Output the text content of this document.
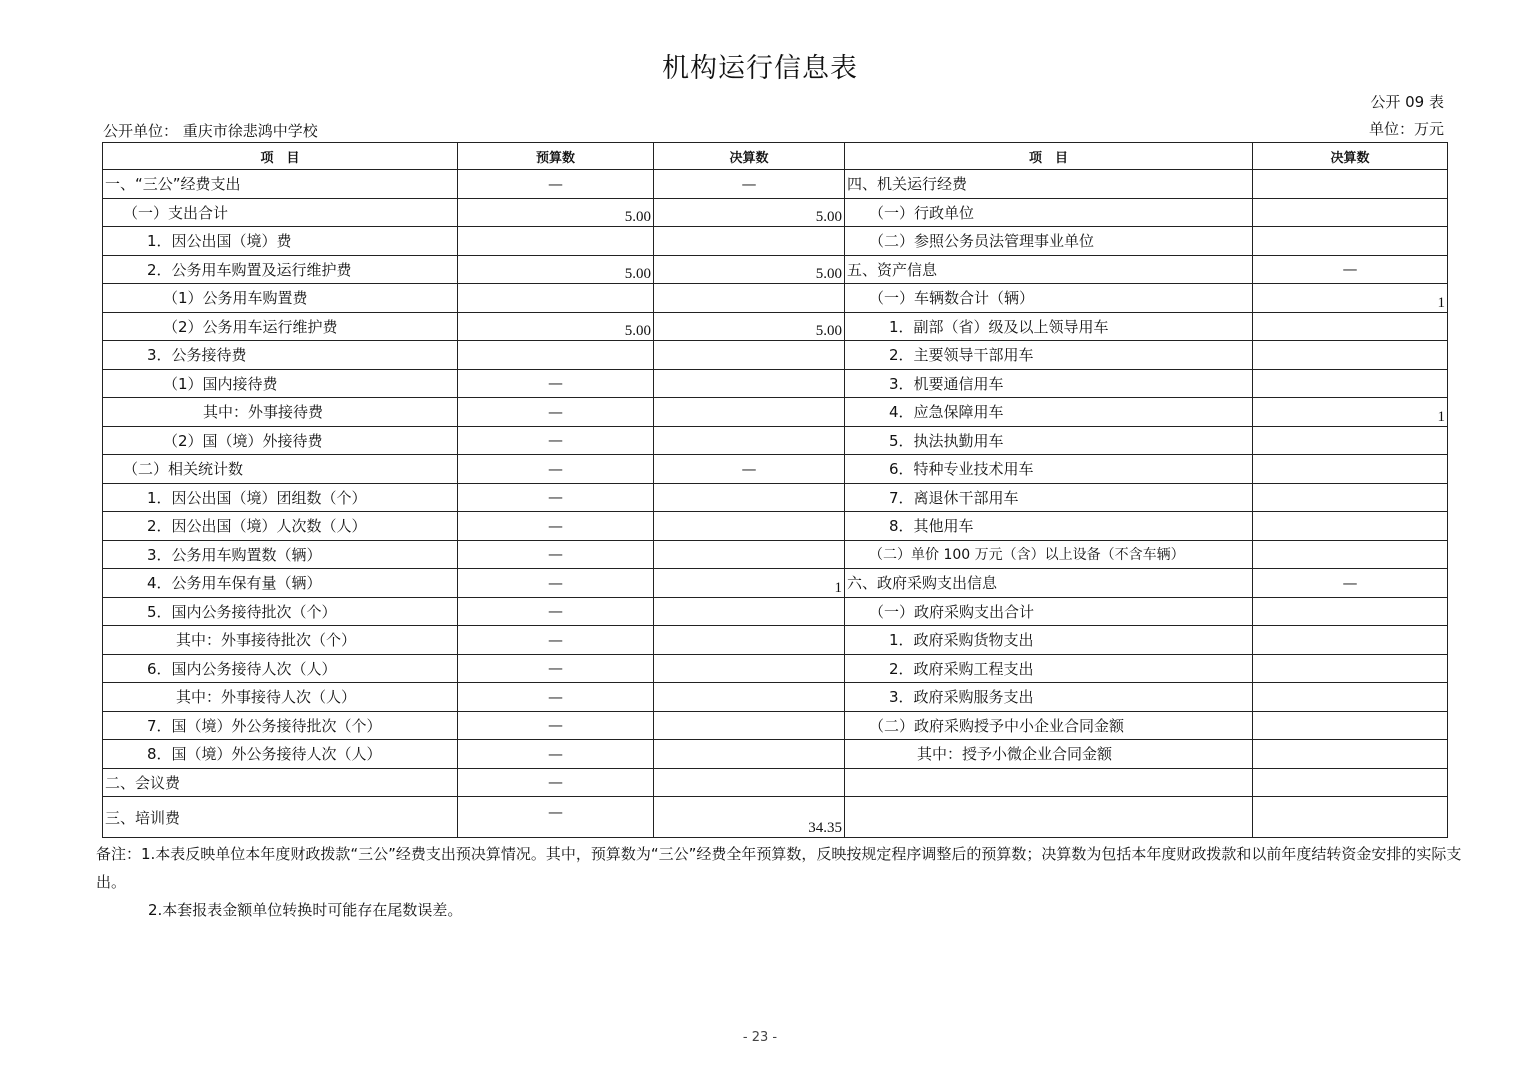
机构运行信息表
公开 09 表
公开单位： 重庆市徐悲鸿中学校	单位：万元
项　目	预算数	决算数	项　目	决算数
一、“三公”经费支出	—	—	四、机关运行经费	
（一）支出合计	5.00	5.00	（一）行政单位	
1．因公出国（境）费			（二）参照公务员法管理事业单位	
2．公务用车购置及运行维护费	5.00	5.00	五、资产信息	—
（1）公务用车购置费			（一）车辆数合计（辆）	1
（2）公务用车运行维护费	5.00	5.00	1．副部（省）级及以上领导用车	
3．公务接待费			2．主要领导干部用车	
（1）国内接待费	—		3．机要通信用车	
其中：外事接待费	—		4．应急保障用车	1
（2）国（境）外接待费	—		5．执法执勤用车	
（二）相关统计数	—	—	6．特种专业技术用车	
1．因公出国（境）团组数（个）	—		7．离退休干部用车	
2．因公出国（境）人次数（人）	—		8．其他用车	
3．公务用车购置数（辆）	—		（二）单价 100 万元（含）以上设备（不含车辆）	
4．公务用车保有量（辆）	—	1	六、政府采购支出信息	—
5．国内公务接待批次（个）	—		（一）政府采购支出合计	
其中：外事接待批次（个）	—		1．政府采购货物支出	
6．国内公务接待人次（人）	—		2．政府采购工程支出	
其中：外事接待人次（人）	—		3．政府采购服务支出	
7．国（境）外公务接待批次（个）	—		（二）政府采购授予中小企业合同金额	
8．国（境）外公务接待人次（人）	—		其中：授予小微企业合同金额	
二、会议费	—			
三、培训费	—	34.35		

备注：1.本表反映单位本年度财政拨款“三公”经费支出预决算情况。其中，预算数为“三公”经费全年预算数，反映按规定程序调整后的预算数；决算数为包括本年度财政拨款和以前年度结转资金安排的实际支出。

2.本套报表金额单位转换时可能存在尾数误差。

- 23 -
